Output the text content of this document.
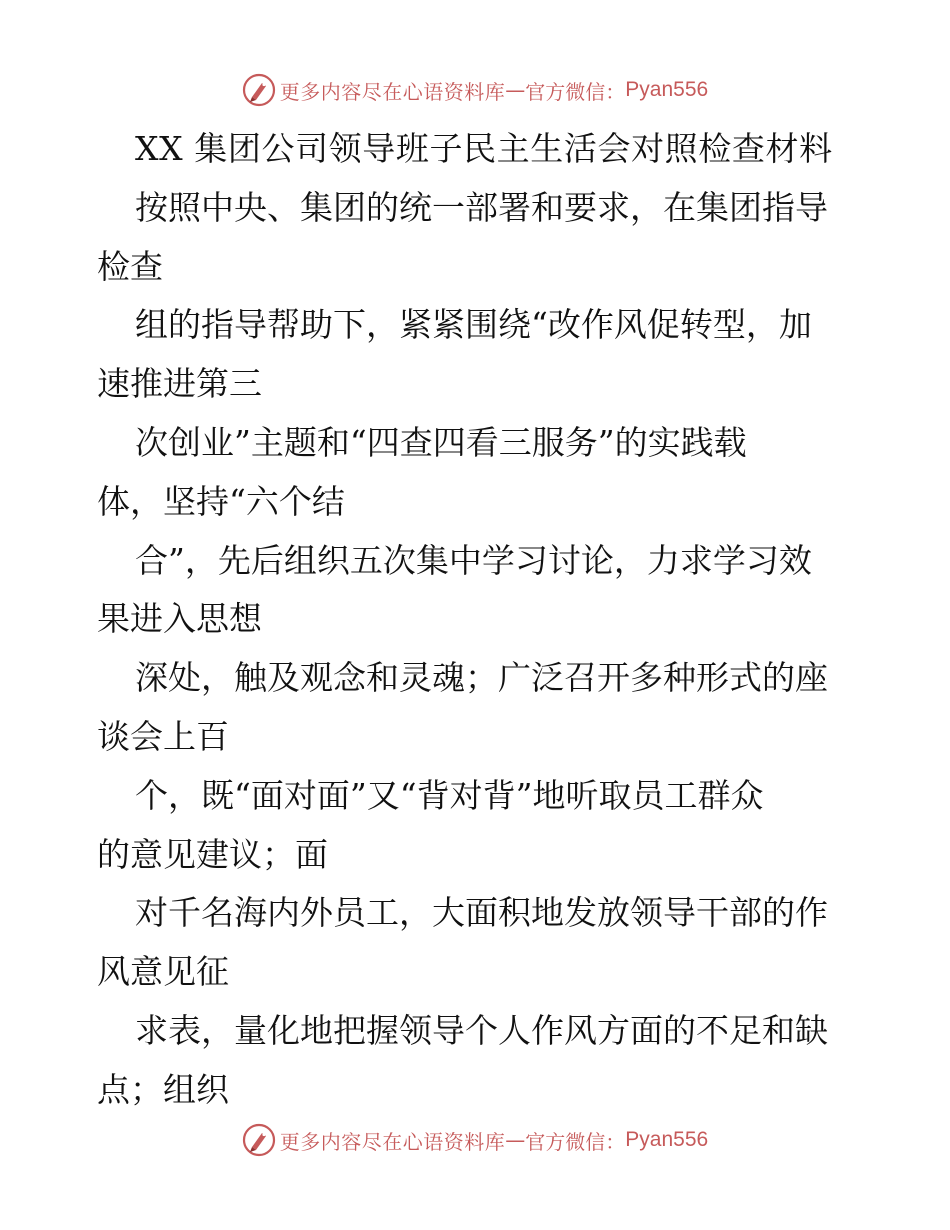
更多内容尽在心语资料库 — 官方微信： Pyan556
XX 集团公司领导班子民主生活会对照检查材料
按照中央、集团的统一部署和要求，在集团指导
检查
组的指导帮助下，紧紧围绕“改作风促转型，加
速推进第三
次创业”主题和“四查四看三服务”的实践载
体，坚持“六个结
合”，先后组织五次集中学习讨论，力求学习效
果进入思想
深处，触及观念和灵魂；广泛召开多种形式的座
谈会上百
个，既“面对面”又“背对背”地听取员工群众
的意见建议；面
对千名海内外员工，大面积地发放领导干部的作
风意见征
求表，量化地把握领导个人作风方面的不足和缺
点；组织
更多内容尽在心语资料库 — 官方微信： Pyan556
